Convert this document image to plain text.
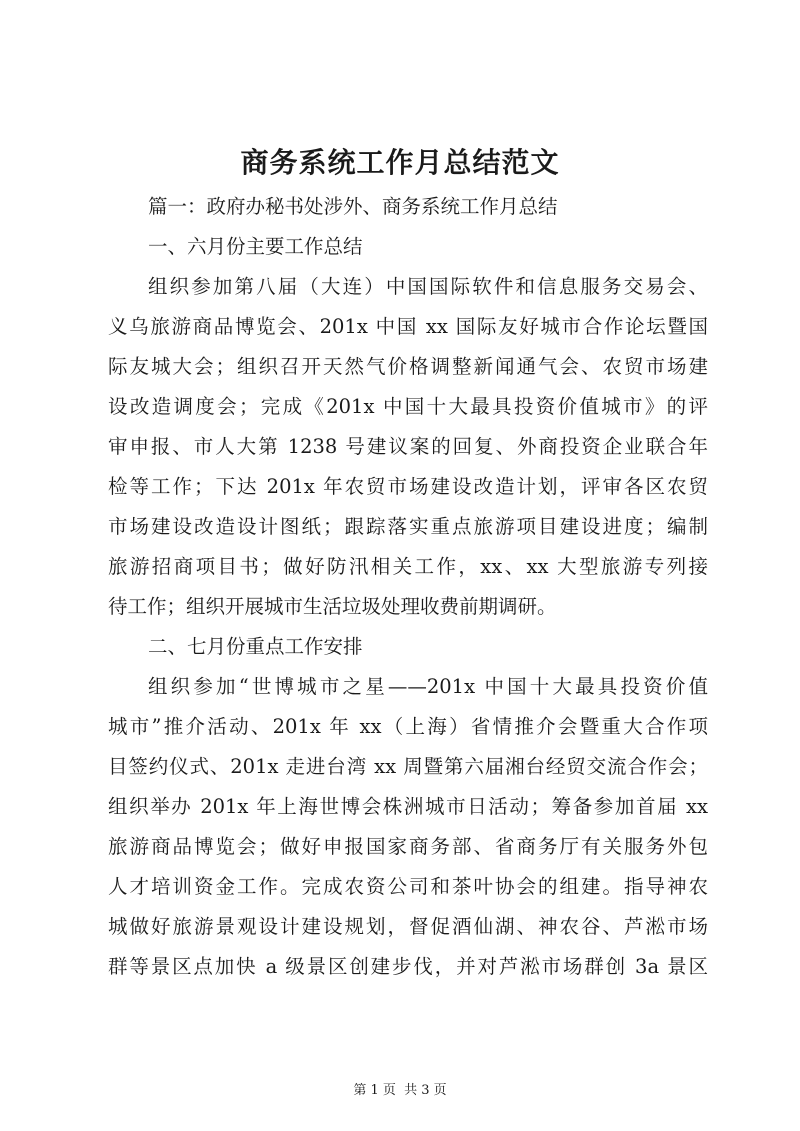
商务系统工作月总结范文

篇一：政府办秘书处涉外、商务系统工作月总结

一、六月份主要工作总结

组织参加第八届（大连）中国国际软件和信息服务交易会、

义乌旅游商品博览会、201x 中国 xx 国际友好城市合作论坛暨国

际友城大会；组织召开天然气价格调整新闻通气会、农贸市场建

设改造调度会；完成《201x 中国十大最具投资价值城市》的评

审申报、市人大第 1238 号建议案的回复、外商投资企业联合年

检等工作；下达 201x 年农贸市场建设改造计划，评审各区农贸

市场建设改造设计图纸；跟踪落实重点旅游项目建设进度；编制

旅游招商项目书；做好防汛相关工作，xx、xx 大型旅游专列接

待工作；组织开展城市生活垃圾处理收费前期调研。

二、七月份重点工作安排

组织参加“世博城市之星——201x 中国十大最具投资价值

城市”推介活动、201x 年 xx（上海）省情推介会暨重大合作项

目签约仪式、201x 走进台湾 xx 周暨第六届湘台经贸交流合作会；

组织举办 201x 年上海世博会株洲城市日活动；筹备参加首届 xx

旅游商品博览会；做好申报国家商务部、省商务厅有关服务外包

人才培训资金工作。完成农资公司和茶叶协会的组建。指导神农

城做好旅游景观设计建设规划，督促酒仙湖、神农谷、芦淞市场

群等景区点加快 a 级景区创建步伐，并对芦淞市场群创 3a 景区

第 1 页 共 3 页
